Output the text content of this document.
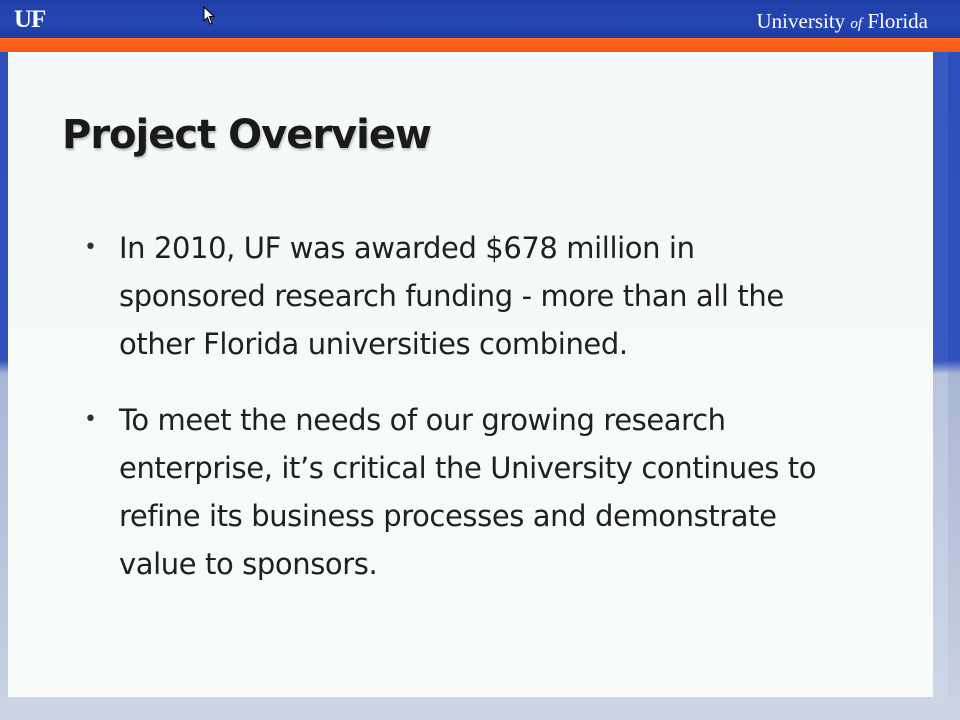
UF	University of Florida
Project Overview
• In 2010, UF was awarded $678 million in sponsored research funding - more than all the other Florida universities combined.
• To meet the needs of our growing research enterprise, it’s critical the University continues to refine its business processes and demonstrate value to sponsors.
